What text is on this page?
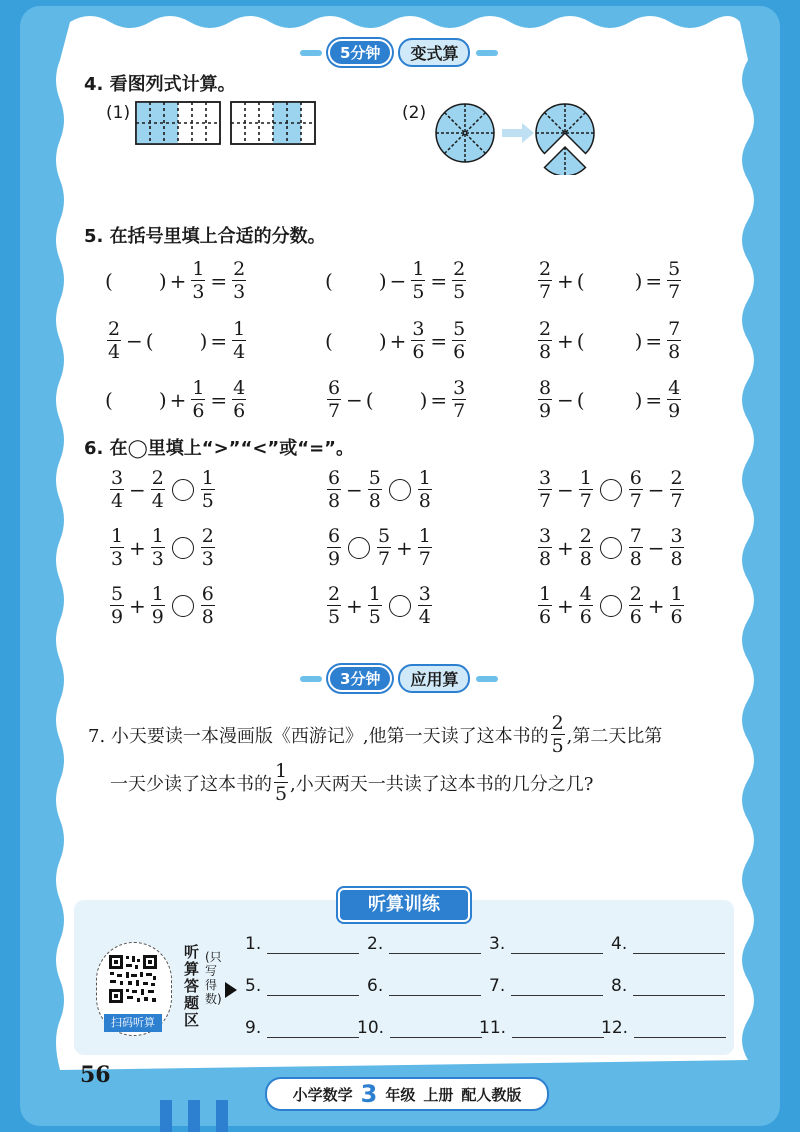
5分钟	变式算
4. 看图列式计算。
(1)	(2)
5. 在括号里填上合适的分数。
( ) + $\frac{1}{3} = \frac{2}{3}$	( ) − $\frac{1}{5} = \frac{2}{5}$	$\frac{2}{7}$ + (	) = $\frac{5}{7}$
$\frac{2}{4}$ − ( ) = $\frac{1}{4}$	( ) + $\frac{3}{6} = \frac{5}{6}$	$\frac{2}{8}$ + (	) = $\frac{7}{8}$
( ) + $\frac{1}{6} = \frac{4}{6}$	$\frac{6}{7}$ − ( ) = $\frac{3}{7}$	$\frac{8}{9}$ − (	) = $\frac{4}{9}$
6. 在◯里填上“>”“<”或“=”。
$\frac{3}{4} - \frac{2}{4} \frac{1}{5}$	$\frac{6}{8} - \frac{5}{8} \frac{1}{8}$	$\frac{3}{7} - \frac{1}{7} \frac{6}{7} - \frac{2}{7}$
$\frac{1}{3} + \frac{1}{3} \frac{2}{3}$	$\frac{6}{9} \frac{5}{7} + \frac{1}{7}$	$\frac{3}{8} + \frac{2}{8} \frac{7}{8} - \frac{3}{8}$
$\frac{5}{9} + \frac{1}{9} \frac{6}{8}$	$\frac{2}{5} + \frac{1}{5} \frac{3}{4}$	$\frac{1}{6} + \frac{4}{6} \frac{2}{6} + \frac{1}{6}$
3分钟	应用算
7. 小天要读一本漫画版《西游记》,他第一天读了这本书的 $\frac{2}{5}$ ,第二天比第
一天少读了这本书的 $\frac{1}{5}$ ,小天两天一共读了这本书的几分之几?
听算训练
扫码听算
听算答题区
(只写得数)
1.	2.	3.	4.
5.	6.	7.	8.
9.	10.	11.	12.
56
小学数学 3 年级 上册 配人教版
